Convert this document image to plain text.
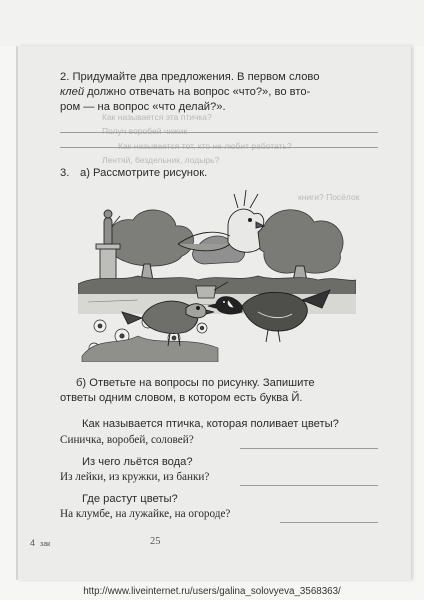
Как называется эта птичка?
Получ воробей чижик
Как называется тот, кто не любит работать?
Лентяй, бездельник, лодырь?
книги? Посёлок
2. Придумайте два предложения. В первом слово
клей должно отвечать на вопрос «что?», во вто-
ром — на вопрос «что делай?».
3. а) Рассмотрите рисунок.
б) Ответьте на вопросы по рисунку. Запишите
ответы одним словом, в котором есть буква Й.
Как называется птичка, которая поливает цветы?
Синичка, воробей, соловей?
Из чего льётся вода?
Из лейки, из кружки, из банки?
Где растут цветы?
На клумбе, на лужайке, на огороде?
4 зак	25
http://www.liveinternet.ru/users/galina_solovyeva_3568363/
